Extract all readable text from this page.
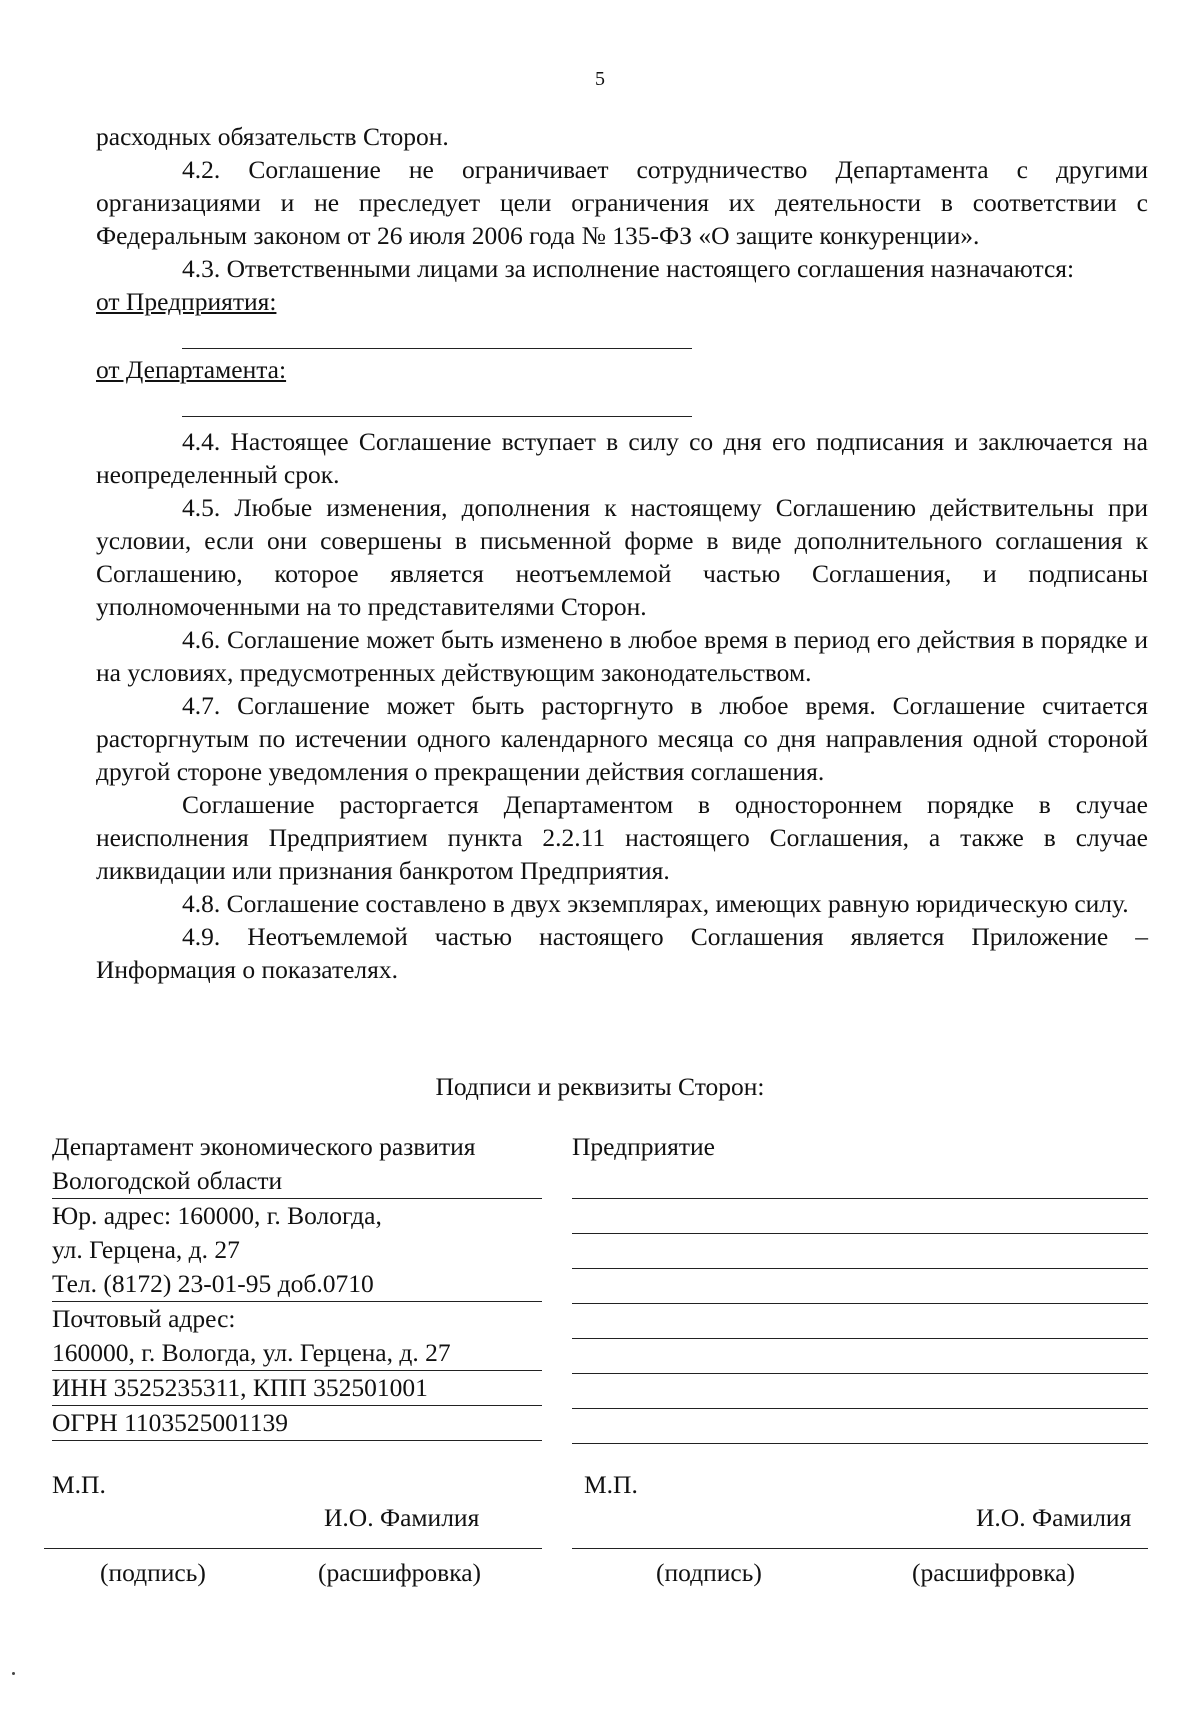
5

расходных обязательств Сторон.

4.2. Соглашение не ограничивает сотрудничество Департамента с другими организациями и не преследует цели ограничения их деятельности в соответствии с Федеральным законом от 26 июля 2006 года № 135-ФЗ «О защите конкуренции».

4.3. Ответственными лицами за исполнение настоящего соглашения назначаются:

от Предприятия:

от Департамента:

4.4. Настоящее Соглашение вступает в силу со дня его подписания и заключается на неопределенный срок.

4.5. Любые изменения, дополнения к настоящему Соглашению действительны при условии, если они совершены в письменной форме в виде дополнительного соглашения к Соглашению, которое является неотъемлемой частью Соглашения, и подписаны уполномоченными на то представителями Сторон.

4.6. Соглашение может быть изменено в любое время в период его действия в порядке и на условиях, предусмотренных действующим законодательством.

4.7. Соглашение может быть расторгнуто в любое время. Соглашение считается расторгнутым по истечении одного календарного месяца со дня направления одной стороной другой стороне уведомления о прекращении действия соглашения.

Соглашение расторгается Департаментом в одностороннем порядке в случае неисполнения Предприятием пункта 2.2.11 настоящего Соглашения, а также в случае ликвидации или признания банкротом Предприятия.

4.8. Соглашение составлено в двух экземплярах, имеющих равную юридическую силу.

4.9. Неотъемлемой частью настоящего Соглашения является Приложение – Информация о показателях.

Подписи и реквизиты Сторон:
Департамент экономического развития
Вологодской области
Юр. адрес: 160000, г. Вологда,
ул. Герцена, д. 27
Тел. (8172) 23-01-95 доб.0710
Почтовый адрес:
160000, г. Вологда, ул. Герцена, д. 27
ИНН 3525235311, КПП 352501001
ОГРН 1103525001139
Предприятие
М.П.	М.П.
И.О. Фамилия	И.О. Фамилия
(подпись)	(расшифровка)	(подпись)	(расшифровка)
